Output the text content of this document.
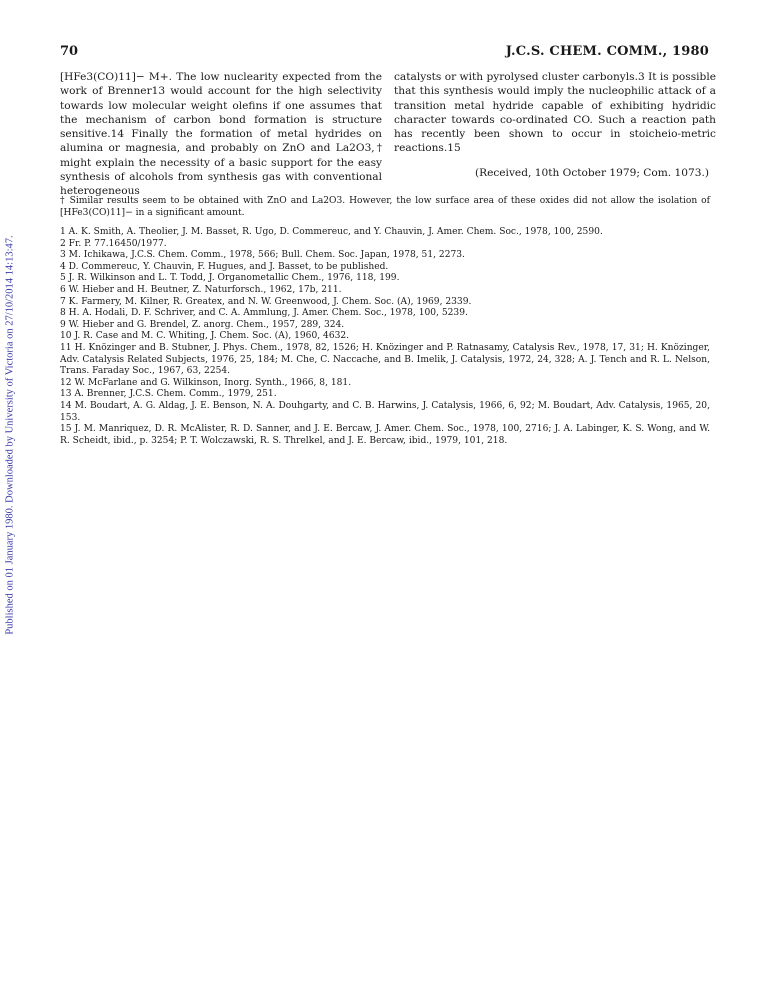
70	J.C.S. CHEM. COMM., 1980
Published on 01 January 1980. Downloaded by University of Victoria on 27/10/2014 14:13:47.
[HFe3(CO)11]− M+. The low nuclearity expected from the work of Brenner13 would account for the high selectivity towards low molecular weight olefins if one assumes that the mechanism of carbon bond formation is structure sensitive.14 Finally the formation of metal hydrides on alumina or magnesia, and probably on ZnO and La2O3,† might explain the necessity of a basic support for the easy synthesis of alcohols from synthesis gas with conventional heterogeneous
catalysts or with pyrolysed cluster carbonyls.3 It is possible that this synthesis would imply the nucleophilic attack of a transition metal hydride capable of exhibiting hydridic character towards co-ordinated CO. Such a reaction path has recently been shown to occur in stoicheio-metric reactions.15
(Received, 10th October 1979; Com. 1073.)
† Similar results seem to be obtained with ZnO and La2O3. However, the low surface area of these oxides did not allow the isolation of [HFe3(CO)11]− in a significant amount.

1 A. K. Smith, A. Theolier, J. M. Basset, R. Ugo, D. Commereuc, and Y. Chauvin, J. Amer. Chem. Soc., 1978, 100, 2590.

2 Fr. P. 77.16450/1977.

3 M. Ichikawa, J.C.S. Chem. Comm., 1978, 566; Bull. Chem. Soc. Japan, 1978, 51, 2273.

4 D. Commereuc, Y. Chauvin, F. Hugues, and J. Basset, to be published.

5 J. R. Wilkinson and L. T. Todd, J. Organometallic Chem., 1976, 118, 199.

6 W. Hieber and H. Beutner, Z. Naturforsch., 1962, 17b, 211.

7 K. Farmery, M. Kilner, R. Greatex, and N. W. Greenwood, J. Chem. Soc. (A), 1969, 2339.

8 H. A. Hodali, D. F. Schriver, and C. A. Ammlung, J. Amer. Chem. Soc., 1978, 100, 5239.

9 W. Hieber and G. Brendel, Z. anorg. Chem., 1957, 289, 324.

10 J. R. Case and M. C. Whiting, J. Chem. Soc. (A), 1960, 4632.

11 H. Knözinger and B. Stubner, J. Phys. Chem., 1978, 82, 1526; H. Knözinger and P. Ratnasamy, Catalysis Rev., 1978, 17, 31; H. Knözinger, Adv. Catalysis Related Subjects, 1976, 25, 184; M. Che, C. Naccache, and B. Imelik, J. Catalysis, 1972, 24, 328; A. J. Tench and R. L. Nelson, Trans. Faraday Soc., 1967, 63, 2254.

12 W. McFarlane and G. Wilkinson, Inorg. Synth., 1966, 8, 181.

13 A. Brenner, J.C.S. Chem. Comm., 1979, 251.

14 M. Boudart, A. G. Aldag, J. E. Benson, N. A. Douhgarty, and C. B. Harwins, J. Catalysis, 1966, 6, 92; M. Boudart, Adv. Catalysis, 1965, 20, 153.

15 J. M. Manriquez, D. R. McAlister, R. D. Sanner, and J. E. Bercaw, J. Amer. Chem. Soc., 1978, 100, 2716; J. A. Labinger, K. S. Wong, and W. R. Scheidt, ibid., p. 3254; P. T. Wolczawski, R. S. Threlkel, and J. E. Bercaw, ibid., 1979, 101, 218.
